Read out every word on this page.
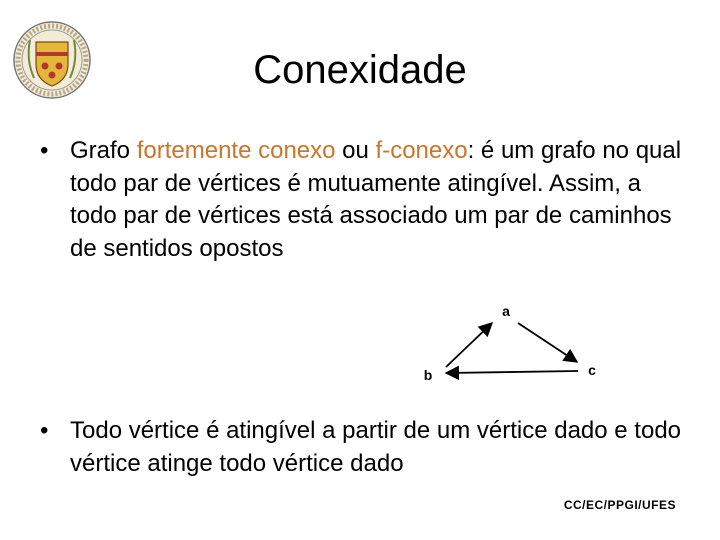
Conexidade
• Grafo fortemente conexo ou f-conexo: é um grafo no qual todo par de vértices é mutuamente atingível. Assim, a todo par de vértices está associado um par de caminhos de sentidos opostos
a
b	c
• Todo vértice é atingível a partir de um vértice dado e todo vértice atinge todo vértice dado
CC/EC/PPGI/UFES
